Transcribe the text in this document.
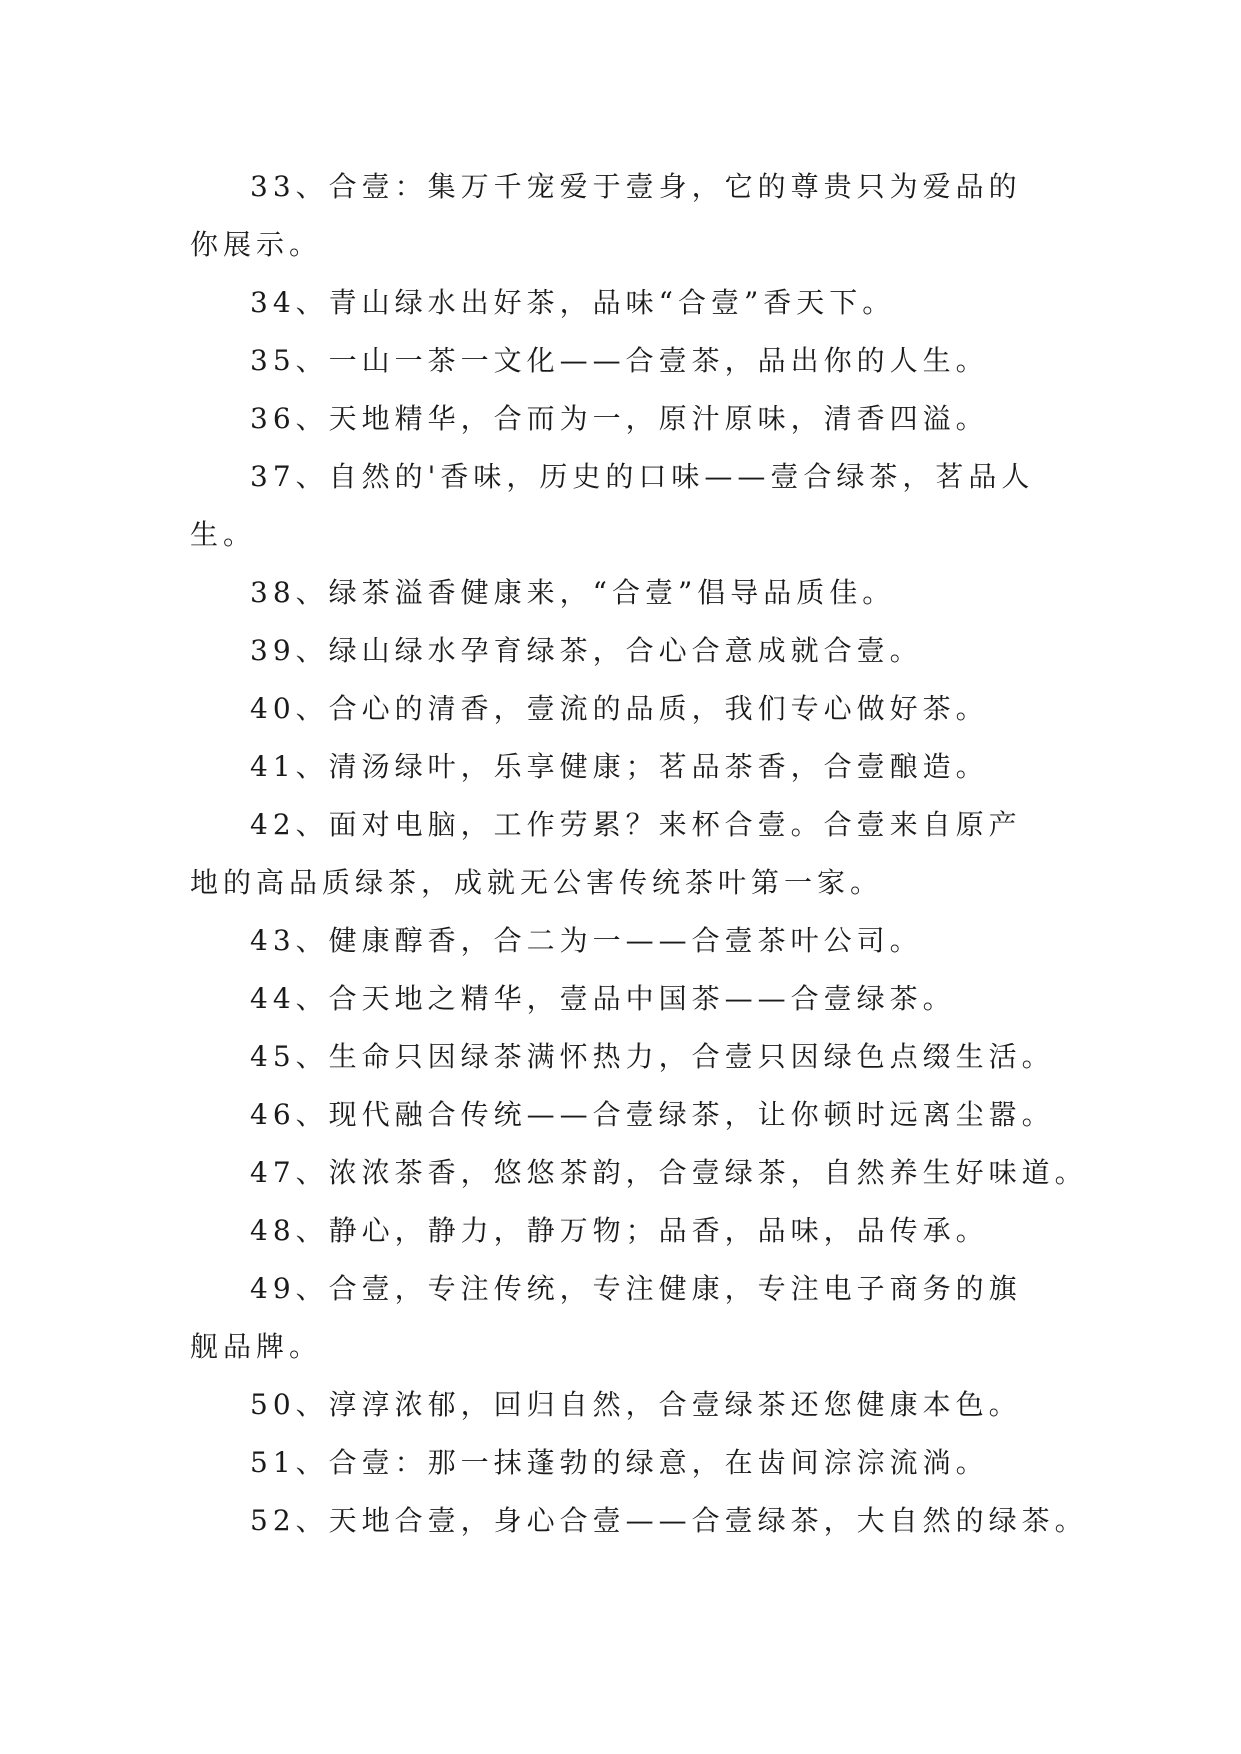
33、合壹：集万千宠爱于壹身，它的尊贵只为爱品的你展示。

34、青山绿水出好茶，品味“合壹”香天下。

35、一山一茶一文化——合壹茶，品出你的人生。

36、天地精华，合而为一，原汁原味，清香四溢。

37、自然的'香味，历史的口味——壹合绿茶，茗品人生。

38、绿茶溢香健康来，“合壹”倡导品质佳。

39、绿山绿水孕育绿茶，合心合意成就合壹。

40、合心的清香，壹流的品质，我们专心做好茶。

41、清汤绿叶，乐享健康；茗品茶香，合壹酿造。

42、面对电脑，工作劳累？来杯合壹。合壹来自原产地的高品质绿茶，成就无公害传统茶叶第一家。

43、健康醇香，合二为一——合壹茶叶公司。

44、合天地之精华，壹品中国茶——合壹绿茶。

45、生命只因绿茶满怀热力，合壹只因绿色点缀生活。

46、现代融合传统——合壹绿茶，让你顿时远离尘嚣。

47、浓浓茶香，悠悠茶韵，合壹绿茶，自然养生好味道。

48、静心，静力，静万物；品香，品味，品传承。

49、合壹，专注传统，专注健康，专注电子商务的旗舰品牌。

50、淳淳浓郁，回归自然，合壹绿茶还您健康本色。

51、合壹：那一抹蓬勃的绿意，在齿间淙淙流淌。

52、天地合壹，身心合壹——合壹绿茶，大自然的绿茶。
